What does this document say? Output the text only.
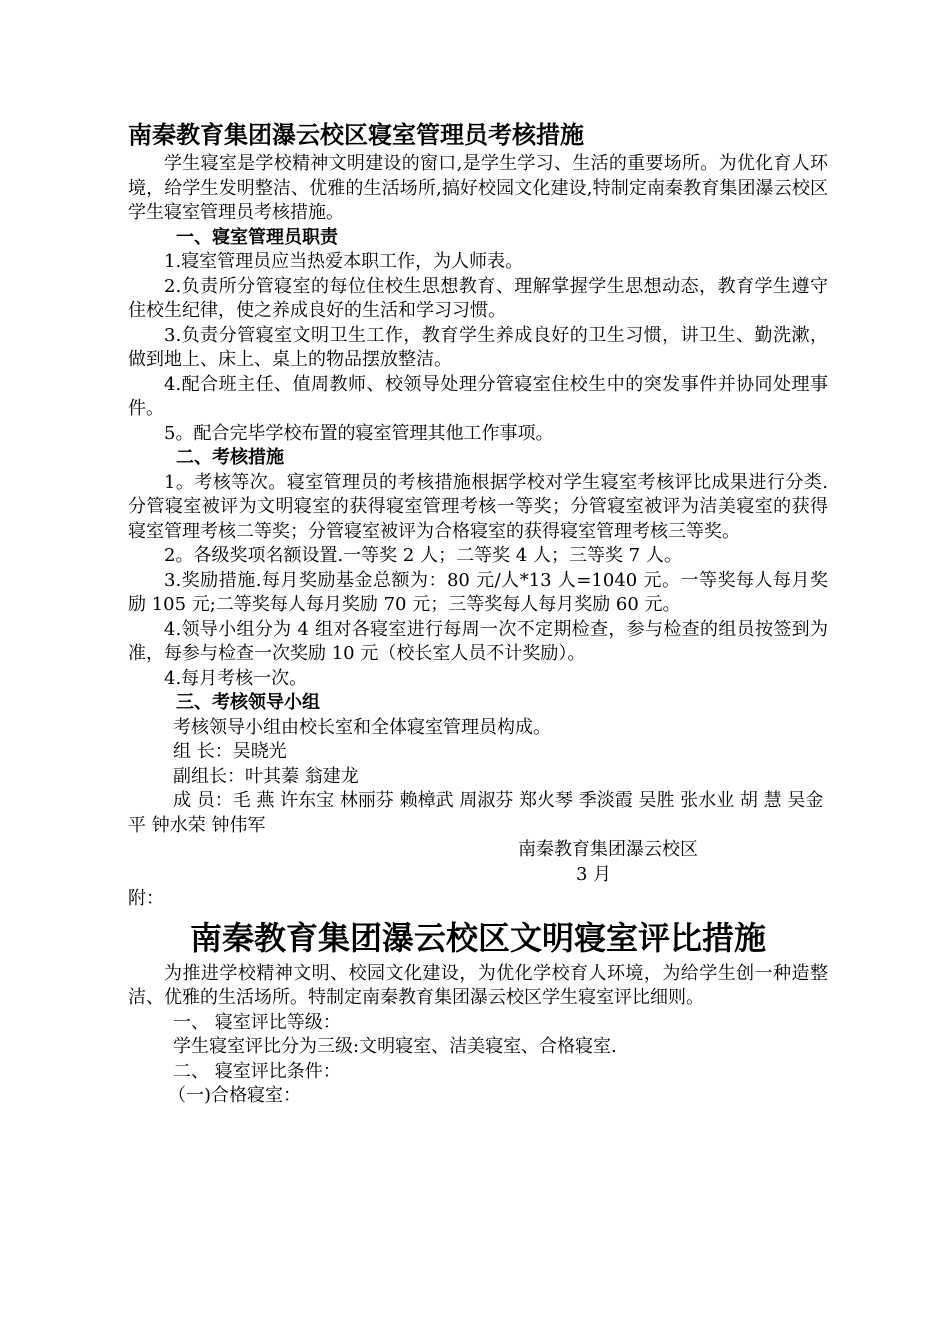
南秦教育集团瀑云校区寝室管理员考核措施

学生寝室是学校精神文明建设的窗口,是学生学习、生活的重要场所。为优化育人环境，给学生发明整洁、优雅的生活场所,搞好校园文化建设,特制定南秦教育集团瀑云校区学生寝室管理员考核措施。

一、寝室管理员职责

1.寝室管理员应当热爱本职工作，为人师表。

2.负责所分管寝室的每位住校生思想教育、理解掌握学生思想动态，教育学生遵守住校生纪律，使之养成良好的生活和学习习惯。

3.负责分管寝室文明卫生工作，教育学生养成良好的卫生习惯，讲卫生、勤洗漱，做到地上、床上、桌上的物品摆放整洁。

4.配合班主任、值周教师、校领导处理分管寝室住校生中的突发事件并协同处理事件。

5。配合完毕学校布置的寝室管理其他工作事项。

二、考核措施

1。考核等次。寝室管理员的考核措施根据学校对学生寝室考核评比成果进行分类.分管寝室被评为文明寝室的获得寝室管理考核一等奖；分管寝室被评为洁美寝室的获得寝室管理考核二等奖；分管寝室被评为合格寝室的获得寝室管理考核三等奖。

2。各级奖项名额设置.一等奖 2 人；二等奖 4 人；三等奖 7 人。

3.奖励措施.每月奖励基金总额为：80 元/人*13 人=1040 元。一等奖每人每月奖励 105 元;二等奖每人每月奖励 70 元；三等奖每人每月奖励 60 元。

4.领导小组分为 4 组对各寝室进行每周一次不定期检查，参与检查的组员按签到为准，每参与检查一次奖励 10 元（校长室人员不计奖励）。

4.每月考核一次。

三、考核领导小组

考核领导小组由校长室和全体寝室管理员构成。

组 长：吴晓光

副组长：叶其蓁 翁建龙

成 员：毛 燕 许东宝 林丽芬 赖樟武 周淑芬 郑火琴 季淡霞 吴胜 张水业 胡 慧 吴金平 钟水荣 钟伟军

南秦教育集团瀑云校区

3 月

附：

南秦教育集团瀑云校区文明寝室评比措施

为推进学校精神文明、校园文化建设，为优化学校育人环境，为给学生创一种造整洁、优雅的生活场所。特制定南秦教育集团瀑云校区学生寝室评比细则。

一、 寝室评比等级：

学生寝室评比分为三级:文明寝室、洁美寝室、合格寝室.

二、 寝室评比条件：

（一)合格寝室：
